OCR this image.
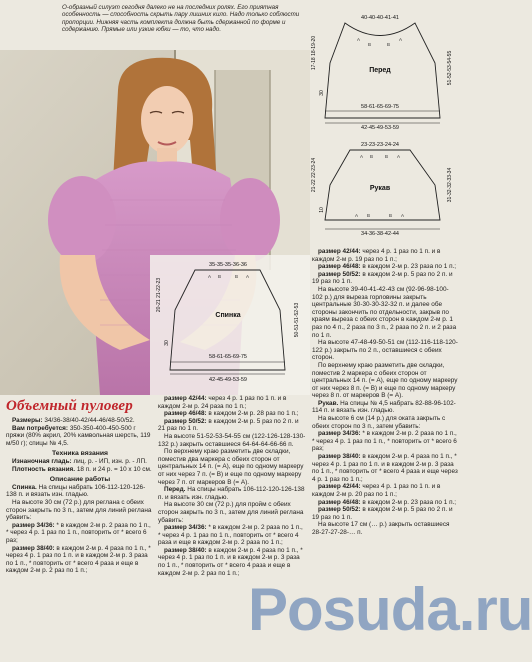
О-образный силуэт сегодня далеко не на последних ролях. Его приятная особенность — способность скрыть пару лишних кило. Надо только соблюсти пропорции. Нижняя часть комплекта должна быть сдержанной по форме и содержанию. Прямые или узкие юбки — то, что надо.

40-40-40-41-41
Перед
58-61-65-69-75
42-45-49-53-59
17-18 18-19-20
30
51-52-53-54-55
A
B	B
A
23-23-23-24-24
Рукав
34-36-38-42-44
21-22 22-23-24
10
31-32-32-33-34
A B	B A
A B	B A
35-35-35-36-36
Спинка
58-61-65-69-75
42-45-49-53-59
20-21 21-22-23
30
50-51-51-52-53
A B	B A
Объемный пуловер

Размеры: 34/36-38/40-42/44-46/48-50/52.

Вам потребуется: 350-350-400-450-500 г пряжи (80% акрил, 20% камвольная шерсть, 119 м/50 г); спицы № 4,5.

Техника вязания

Изнаночная гладь: лиц. р. - ИП, изн. р. - ЛП.

Плотность вязания. 18 п. и 24 р. = 10 х 10 см.

Описание работы

Спинка. На спицы набрать 106-112-120-126-138 п. и вязать изн. гладью.

На высоте 30 см (72 р.) для реглана с обеих сторон закрыть по 3 п., затем для линий реглана убавить:

размер 34/36: * в каждом 2-м р. 2 раза по 1 п., * через 4 р. 1 раз по 1 п., повторить от * всего 6 раз;

размер 38/40: в каждом 2-м р. 4 раза по 1 п., * через 4 р. 1 раз по 1 п. и в каждом 2-м р. 3 раза по 1 п., * повторить от * всего 4 раза и еще в каждом 2-м р. 2 раз по 1 п.;

размер 42/44: через 4 р. 1 раз по 1 п. и в каждом 2-м р. 24 раза по 1 п.;

размер 46/48: в каждом 2-м р. 28 раз по 1 п.;

размер 50/52: в каждом 2-м р. 5 раз по 2 п. и 21 раз по 1 п.

На высоте 51-52-53-54-55 см (122-126-128-130-132 р.) закрыть оставшиеся 64-64-64-66-66 п.

По верхнему краю разметить две складки, поместив два маркера с обеих сторон от центральных 14 п. (= А), еще по одному маркеру от них через 7 п. (= В) и еще по одному маркеру через 7 п. от маркеров В (= А).

Перед. На спицы набрать 106-112-120-126-138 п. и вязать изн. гладью.

На высоте 30 см (72 р.) для пройм с обеих сторон закрыть по 3 п., затем для линий реглана убавить:

размер 34/36: * в каждом 2-м р. 2 раза по 1 п., * через 4 р. 1 раз по 1 п., повторить от * всего 4 раза и еще в каждом 2-м р. 2 раза по 1 п.;

размер 38/40: в каждом 2-м р. 4 раза по 1 п., * через 4 р. 1 раз по 1 п. и в каждом 2-м р. 3 раза по 1 п., * повторить от * всего 4 раза и еще в каждом 2-м р. 2 раз по 1 п.;

размер 42/44: через 4 р. 1 раз по 1 п. и в каждом 2-м р. 19 раз по 1 п.;

размер 46/48: в каждом 2-м р. 23 раза по 1 п.;

размер 50/52: в каждом 2-м р. 5 раз по 2 п. и 19 раз по 1 п.

На высоте 39-40-41-42-43 см (92-96-98-100-102 р.) для выреза горловины закрыть центральные 30-30-30-32-32 п. и далее обе стороны закончить по отдельности, закрыв по краям выреза с обеих сторон в каждом 2-м р. 1 раз по 4 п., 2 раза по 3 п., 2 раза по 2 п. и 2 раза по 1 п.

На высоте 47-48-49-50-51 см (112-116-118-120-122 р.) закрыть по 2 п., оставшиеся с обеих сторон.

По верхнему краю разметить две складки, поместив 2 маркера с обеих сторон от центральных 14 п. (= А), еще по одному маркеру от них через 8 п. (= В) и еще по одному маркеру через 8 п. от маркеров В (= А).

Рукав. На спицы № 4,5 набрать 82-88-96-102-114 п. и вязать изн. гладью.

На высоте 6 см (14 р.) для оката закрыть с обеих сторон по 3 п., затем убавить:

размер 34/36: * в каждом 2-м р. 2 раза по 1 п., * через 4 р. 1 раз по 1 п., * повторить от * всего 6 раз;

размер 38/40: в каждом 2-м р. 4 раза по 1 п., * через 4 р. 1 раз по 1 п. и в каждом 2-м р. 3 раза по 1 п., * повторить от * всего 4 раза и еще через 4 р. 1 раз по 1 п.;

размер 42/44: через 4 р. 1 раз по 1 п. и в каждом 2-м р. 20 раз по 1 п.;

размер 46/48: в каждом 2-м р. 23 раза по 1 п.;

размер 50/52: в каждом 2-м р. 5 раз по 2 п. и 19 раз по 1 п.

На высоте 17 см (… р.) закрыть оставшиеся 28-27-27-28-… п.

Posuda.ru
